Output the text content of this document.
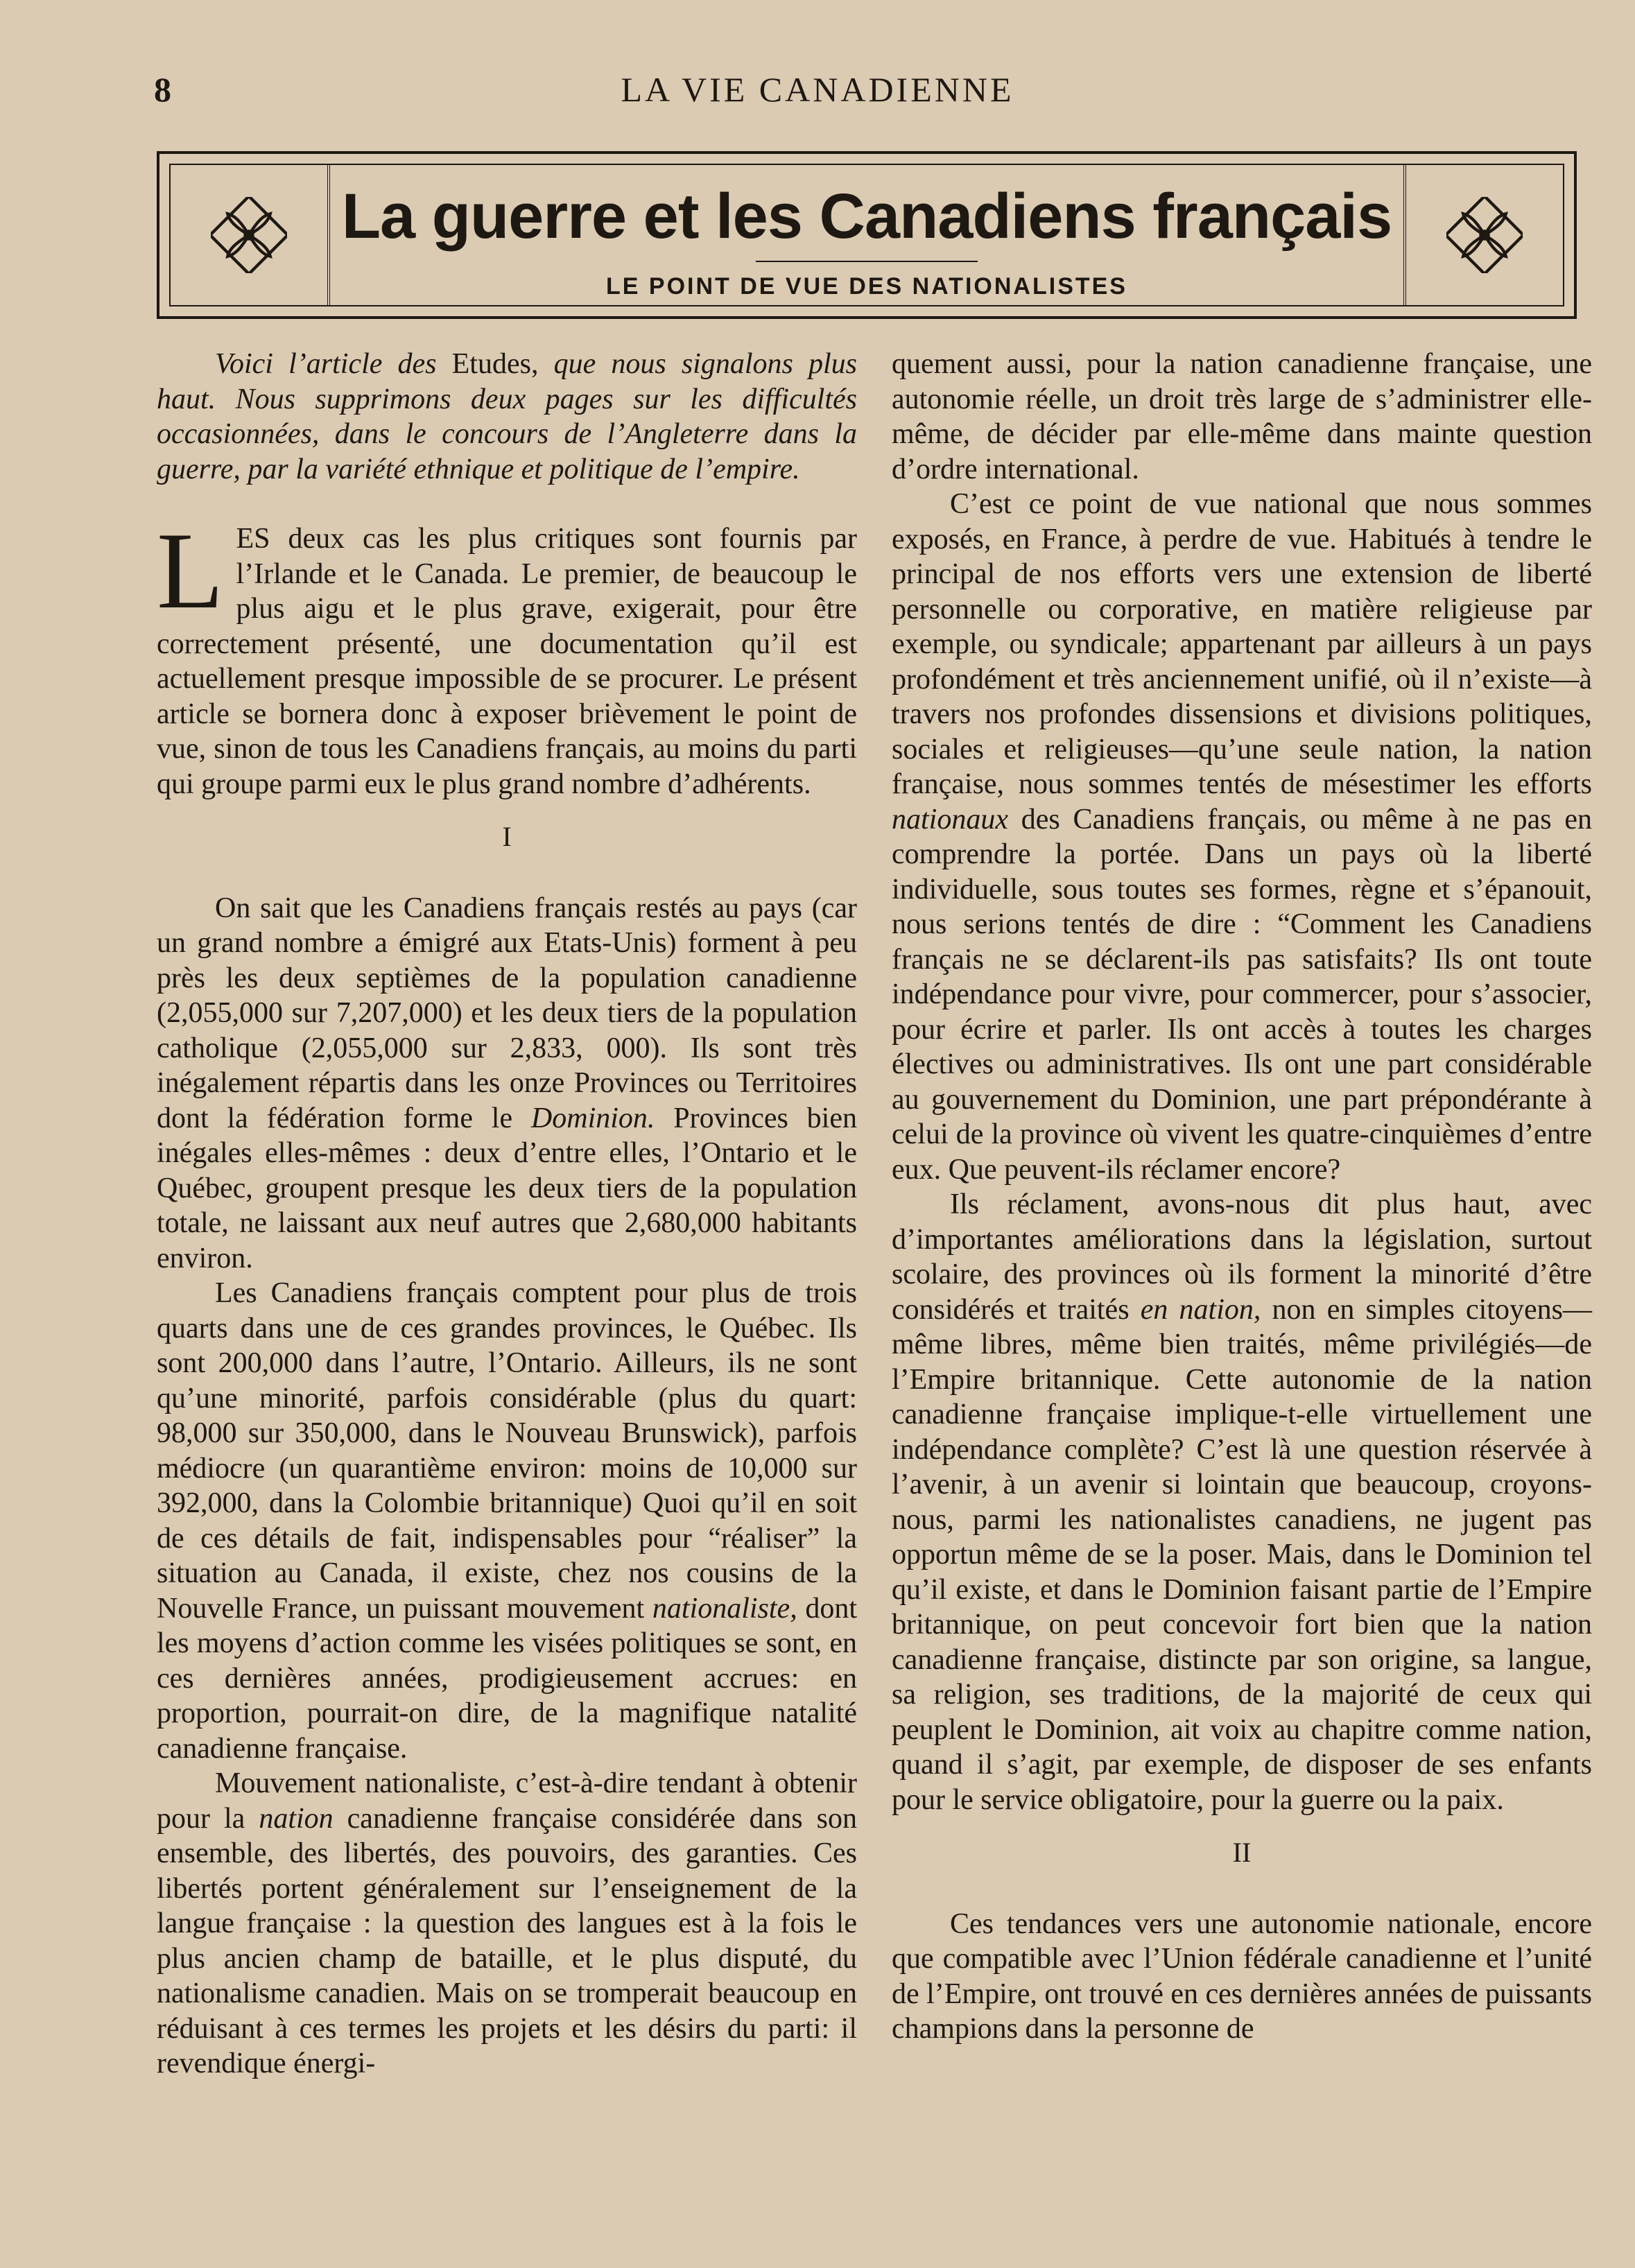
8	LA VIE CANADIENNE
La guerre et les Canadiens français
LE POINT DE VUE DES NATIONALISTES

Voici l’article des Etudes, que nous signalons plus haut. Nous supprimons deux pages sur les difficultés occasionnées, dans le concours de l’Angleterre dans la guerre, par la variété ethnique et politique de l’empire.

LES deux cas les plus critiques sont fournis par l’Irlande et le Canada. Le premier, de beaucoup le plus aigu et le plus grave, exigerait, pour être correctement présenté, une documentation qu’il est actuellement presque impossible de se procurer. Le présent article se bornera donc à exposer brièvement le point de vue, sinon de tous les Canadiens français, au moins du parti qui groupe parmi eux le plus grand nombre d’adhérents.

I

On sait que les Canadiens français restés au pays (car un grand nombre a émigré aux Etats-Unis) forment à peu près les deux septièmes de la population canadienne (2,055,000 sur 7,207,000) et les deux tiers de la population catholique (2,055,000 sur 2,833, 000). Ils sont très inégalement répartis dans les onze Provinces ou Territoires dont la fédération forme le Dominion. Provinces bien inégales elles-mêmes : deux d’entre elles, l’Ontario et le Québec, groupent presque les deux tiers de la population totale, ne laissant aux neuf autres que 2,680,000 habitants environ.

Les Canadiens français comptent pour plus de trois quarts dans une de ces grandes provinces, le Québec. Ils sont 200,000 dans l’autre, l’Ontario. Ailleurs, ils ne sont qu’une minorité, parfois considérable (plus du quart: 98,000 sur 350,000, dans le Nouveau Brunswick), parfois médiocre (un quarantième environ: moins de 10,000 sur 392,000, dans la Colombie britannique) Quoi qu’il en soit de ces détails de fait, indispensables pour “réaliser” la situation au Canada, il existe, chez nos cousins de la Nouvelle France, un puissant mouvement nationaliste, dont les moyens d’action comme les visées politiques se sont, en ces dernières années, prodigieusement accrues: en proportion, pourrait-on dire, de la magnifique natalité canadienne française.

Mouvement nationaliste, c’est-à-dire tendant à obtenir pour la nation canadienne française considérée dans son ensemble, des libertés, des pouvoirs, des garanties. Ces libertés portent généralement sur l’enseignement de la langue française : la question des langues est à la fois le plus ancien champ de bataille, et le plus disputé, du nationalisme canadien. Mais on se tromperait beaucoup en réduisant à ces termes les projets et les désirs du parti: il revendique énergi-

quement aussi, pour la nation canadienne française, une autonomie réelle, un droit très large de s’administrer elle-même, de décider par elle-même dans mainte question d’ordre international.

C’est ce point de vue national que nous sommes exposés, en France, à perdre de vue. Habitués à tendre le principal de nos efforts vers une extension de liberté personnelle ou corporative, en matière religieuse par exemple, ou syndicale; appartenant par ailleurs à un pays profondément et très anciennement unifié, où il n’existe—à travers nos profondes dissensions et divisions politiques, sociales et religieuses—qu’une seule nation, la nation française, nous sommes tentés de mésestimer les efforts nationaux des Canadiens français, ou même à ne pas en comprendre la portée. Dans un pays où la liberté individuelle, sous toutes ses formes, règne et s’épanouit, nous serions tentés de dire : “Comment les Canadiens français ne se déclarent-ils pas satisfaits? Ils ont toute indépendance pour vivre, pour commercer, pour s’associer, pour écrire et parler. Ils ont accès à toutes les charges électives ou administratives. Ils ont une part considérable au gouvernement du Dominion, une part prépondérante à celui de la province où vivent les quatre-cinquièmes d’entre eux. Que peuvent-ils réclamer encore?

Ils réclament, avons-nous dit plus haut, avec d’importantes améliorations dans la législation, surtout scolaire, des provinces où ils forment la minorité d’être considérés et traités en nation, non en simples citoyens—même libres, même bien traités, même privilégiés—de l’Empire britannique. Cette autonomie de la nation canadienne française implique-t-elle virtuellement une indépendance complète? C’est là une question réservée à l’avenir, à un avenir si lointain que beaucoup, croyons-nous, parmi les nationalistes canadiens, ne jugent pas opportun même de se la poser. Mais, dans le Dominion tel qu’il existe, et dans le Dominion faisant partie de l’Empire britannique, on peut concevoir fort bien que la nation canadienne française, distincte par son origine, sa langue, sa religion, ses traditions, de la majorité de ceux qui peuplent le Dominion, ait voix au chapitre comme nation, quand il s’agit, par exemple, de disposer de ses enfants pour le service obligatoire, pour la guerre ou la paix.

II

Ces tendances vers une autonomie nationale, encore que compatible avec l’Union fédérale canadienne et l’unité de l’Empire, ont trouvé en ces dernières années de puissants champions dans la personne de
